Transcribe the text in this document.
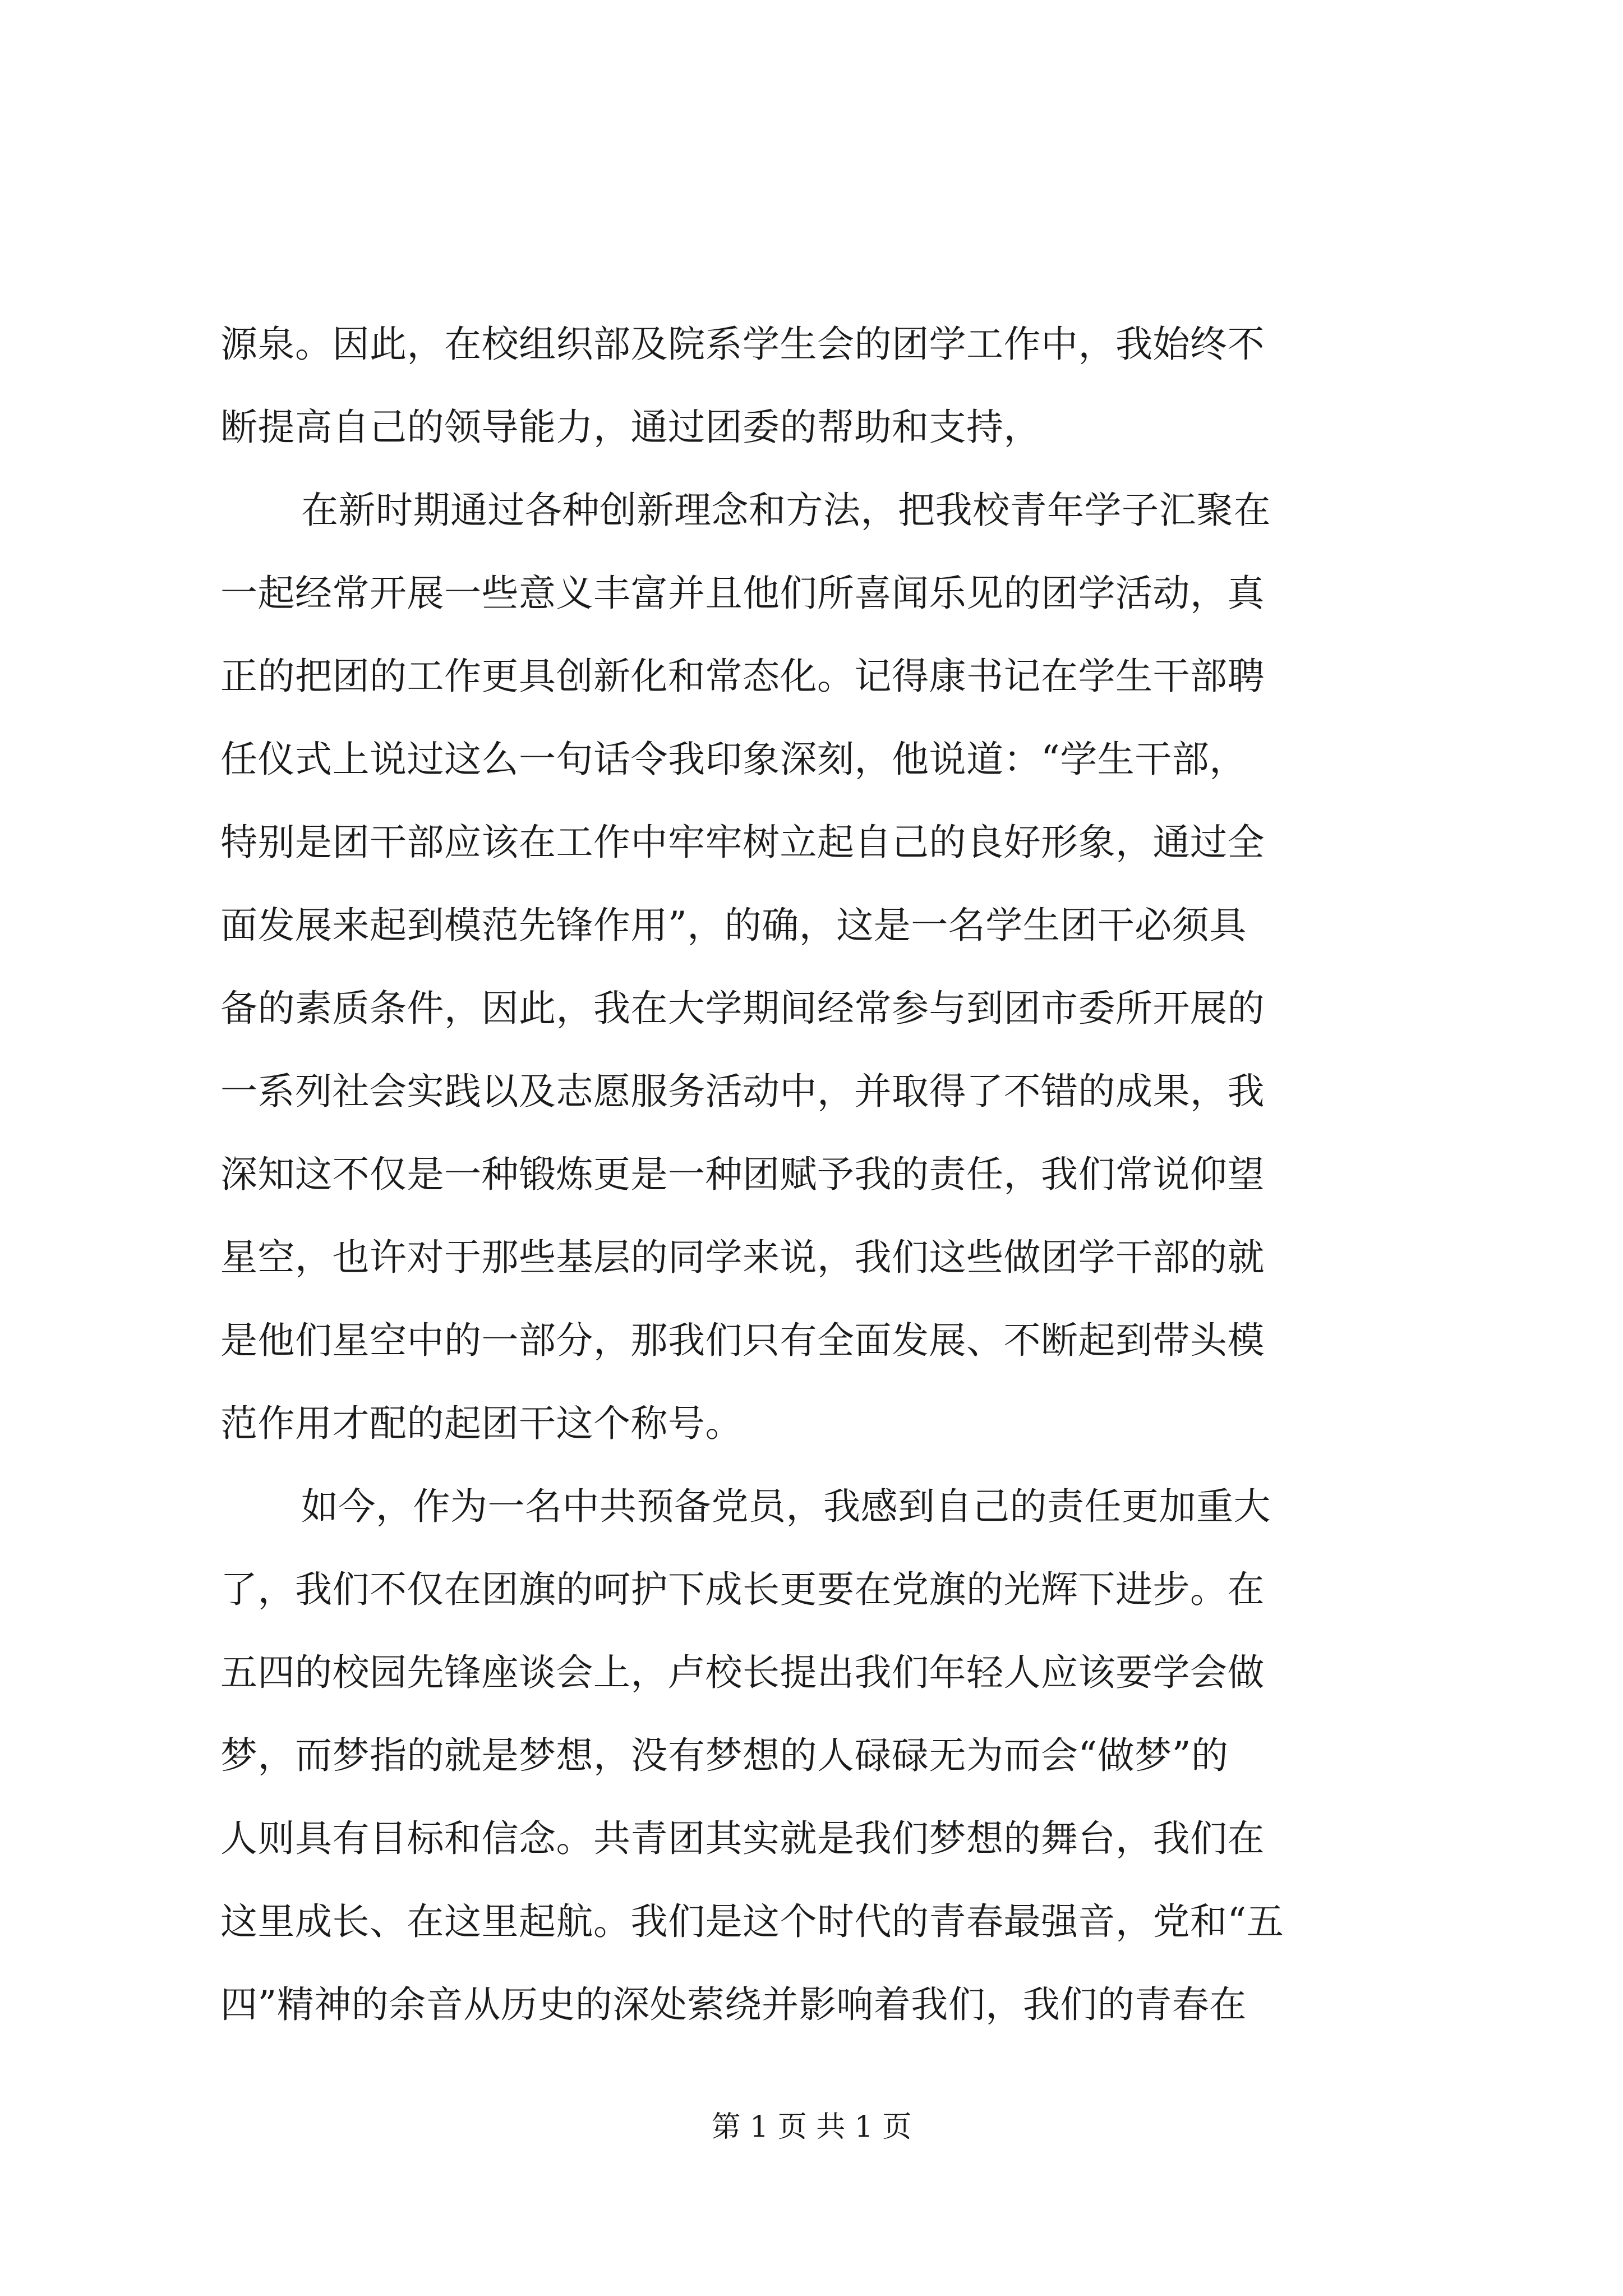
源泉。因此，在校组织部及院系学生会的团学工作中，我始终不
断提高自己的领导能力，通过团委的帮助和支持，
在新时期通过各种创新理念和方法，把我校青年学子汇聚在
一起经常开展一些意义丰富并且他们所喜闻乐见的团学活动，真
正的把团的工作更具创新化和常态化。记得康书记在学生干部聘
任仪式上说过这么一句话令我印象深刻，他说道：“学生干部，
特别是团干部应该在工作中牢牢树立起自己的良好形象，通过全
面发展来起到模范先锋作用”，的确，这是一名学生团干必须具
备的素质条件，因此，我在大学期间经常参与到团市委所开展的
一系列社会实践以及志愿服务活动中，并取得了不错的成果，我
深知这不仅是一种锻炼更是一种团赋予我的责任，我们常说仰望
星空，也许对于那些基层的同学来说，我们这些做团学干部的就
是他们星空中的一部分，那我们只有全面发展、不断起到带头模
范作用才配的起团干这个称号。
如今，作为一名中共预备党员，我感到自己的责任更加重大
了，我们不仅在团旗的呵护下成长更要在党旗的光辉下进步。在
五四的校园先锋座谈会上，卢校长提出我们年轻人应该要学会做
梦，而梦指的就是梦想，没有梦想的人碌碌无为而会“做梦”的
人则具有目标和信念。共青团其实就是我们梦想的舞台，我们在
这里成长、在这里起航。我们是这个时代的青春最强音，党和“五
四”精神的余音从历史的深处萦绕并影响着我们，我们的青春在
第 1 页 共 1 页
